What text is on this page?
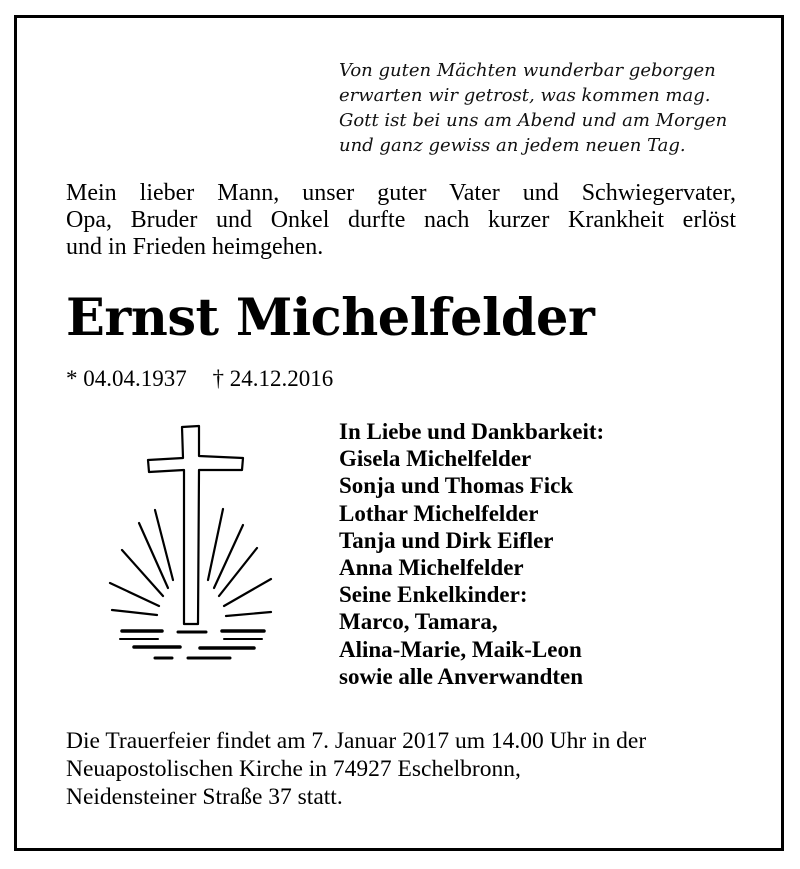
Von guten Mächten wunderbar geborgen
erwarten wir getrost, was kommen mag.
Gott ist bei uns am Abend und am Morgen
und ganz gewiss an jedem neuen Tag.
Mein lieber Mann, unser guter Vater und Schwiegervater,
Opa, Bruder und Onkel durfte nach kurzer Krankheit erlöst
und in Frieden heimgehen.
Ernst Michelfelder
* 04.04.1937 † 24.12.2016
In Liebe und Dankbarkeit:
Gisela Michelfelder
Sonja und Thomas Fick
Lothar Michelfelder
Tanja und Dirk Eifler
Anna Michelfelder
Seine Enkelkinder:
Marco, Tamara,
Alina-Marie, Maik-Leon
sowie alle Anverwandten
Die Trauerfeier findet am 7. Januar 2017 um 14.00 Uhr in der
Neuapostolischen Kirche in 74927 Eschelbronn,
Neidensteiner Straße 37 statt.
